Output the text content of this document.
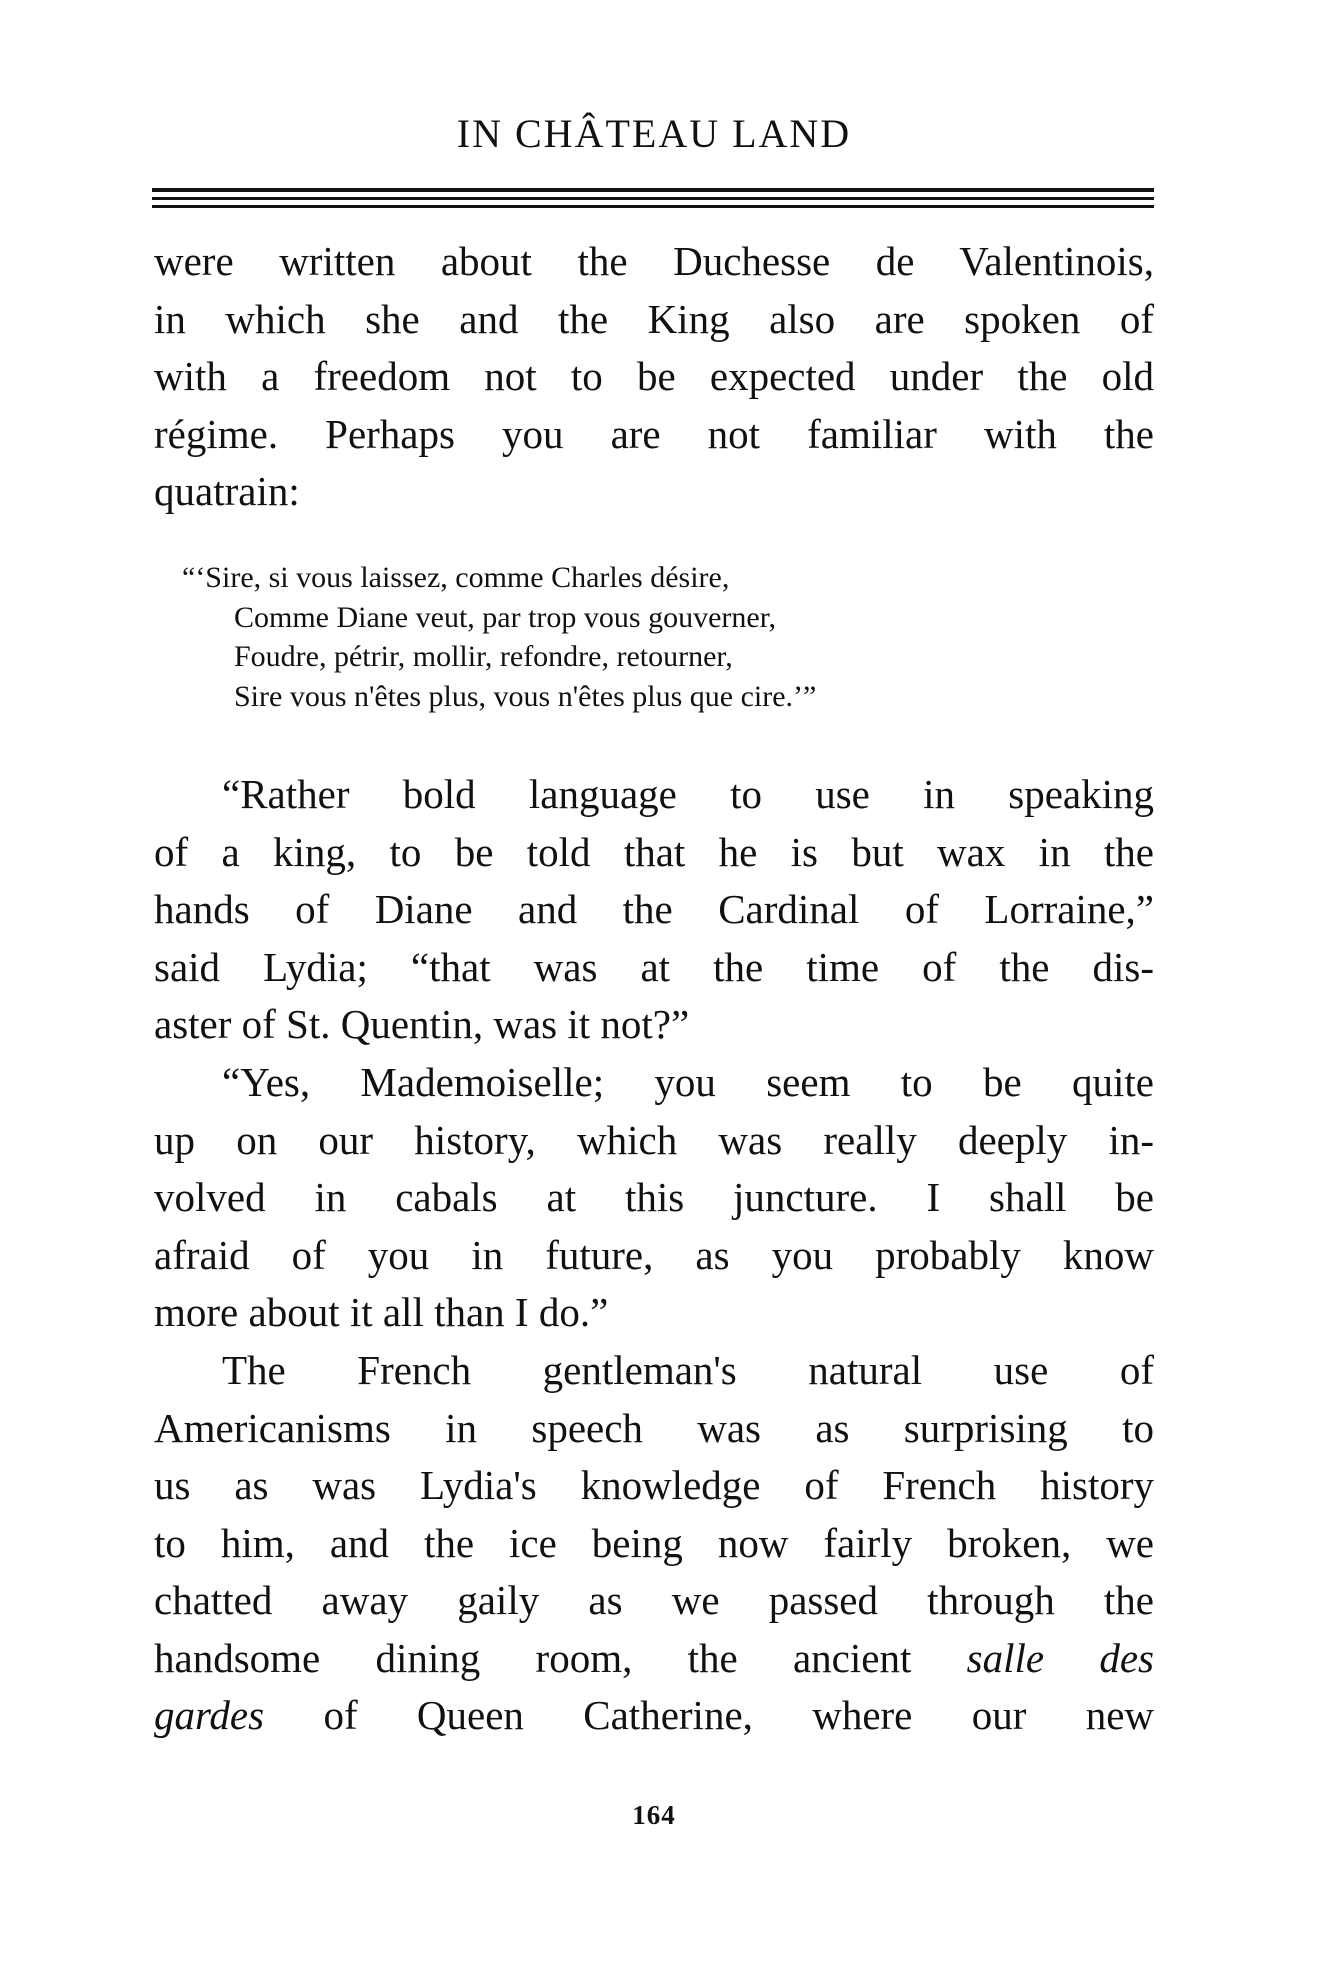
IN CHÂTEAU LAND
were written about the Duchesse de Valentinois,
in which she and the King also are spoken of
with a freedom not to be expected under the old
régime. Perhaps you are not familiar with the
quatrain:
“‘Sire, si vous laissez, comme Charles désire,
Comme Diane veut, par trop vous gouverner,
Foudre, pétrir, mollir, refondre, retourner,
Sire vous n'êtes plus, vous n'êtes plus que cire.’”
“Rather bold language to use in speaking
of a king, to be told that he is but wax in the
hands of Diane and the Cardinal of Lorraine,”
said Lydia; “that was at the time of the dis-
aster of St. Quentin, was it not?”
“Yes, Mademoiselle; you seem to be quite
up on our history, which was really deeply in-
volved in cabals at this juncture. I shall be
afraid of you in future, as you probably know
more about it all than I do.”
The French gentleman's natural use of
Americanisms in speech was as surprising to
us as was Lydia's knowledge of French history
to him, and the ice being now fairly broken, we
chatted away gaily as we passed through the
handsome dining room, the ancient salle des
gardes of Queen Catherine, where our new
164
